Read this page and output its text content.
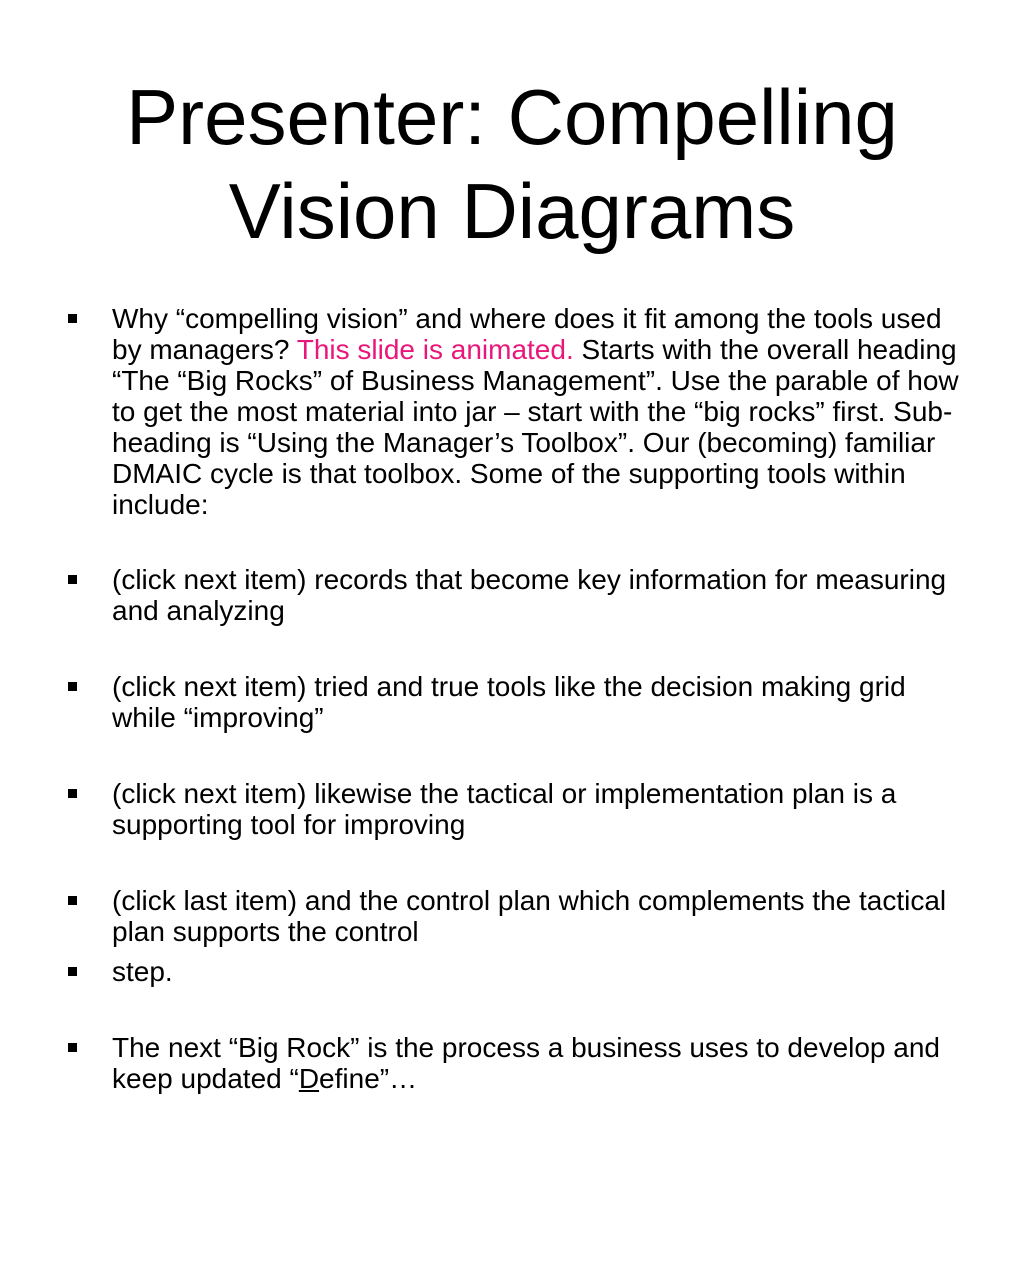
Presenter: Compelling
Vision Diagrams
Why “compelling vision” and where does it fit among the tools used by managers? This slide is animated. Starts with the overall heading “The “Big Rocks” of Business Management”. Use the parable of how to get the most material into jar – start with the “big rocks” first. Sub-heading is “Using the Manager’s Toolbox”. Our (becoming) familiar DMAIC cycle is that toolbox. Some of the supporting tools within include:
(click next item) records that become key information for measuring and analyzing
(click next item) tried and true tools like the decision making grid while “improving”
(click next item) likewise the tactical or implementation plan is a supporting tool for improving
(click last item) and the control plan which complements the tactical plan supports the control
step.
The next “Big Rock” is the process a business uses to develop and keep updated “Define”…
